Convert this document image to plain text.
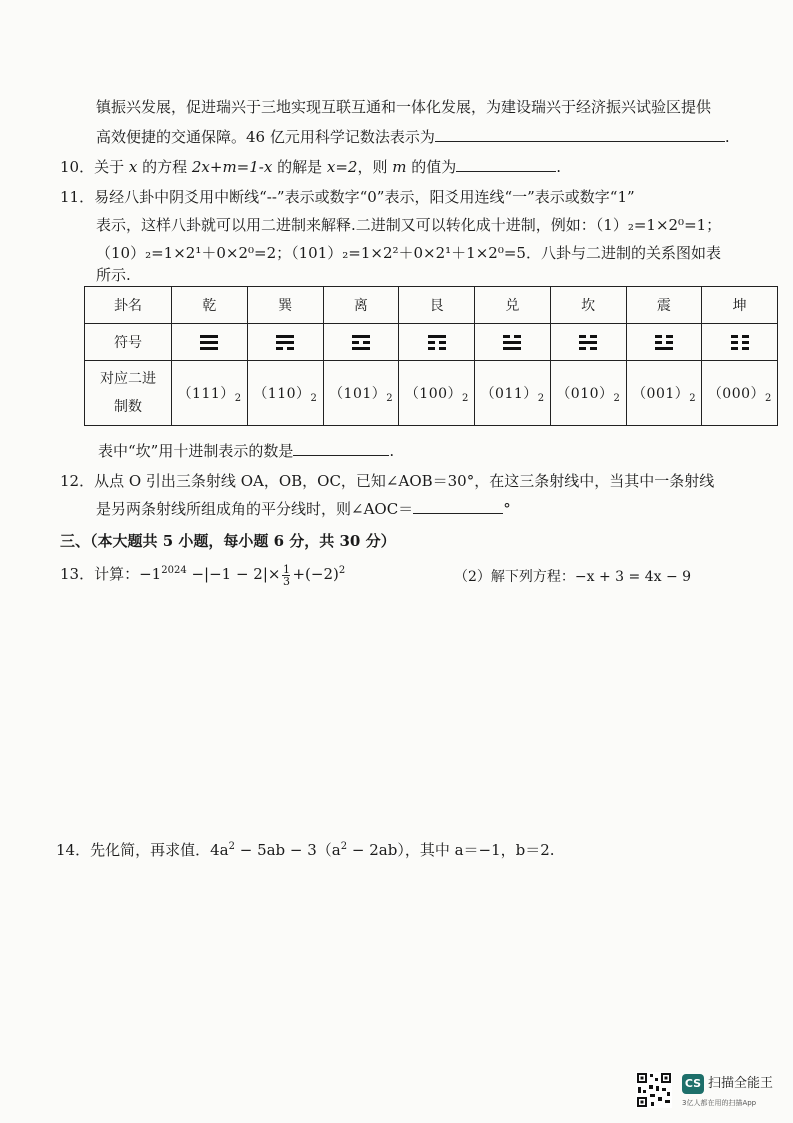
镇振兴发展，促进瑞兴于三地实现互联互通和一体化发展，为建设瑞兴于经济振兴试验区提供
高效便捷的交通保障。46 亿元用科学记数法表示为	.
10．关于 x 的方程 2x+m=1-x 的解是 x=2，则 m 的值为	.
11．易经八卦中阴爻用中断线“--”表示或数字“0”表示，阳爻用连线“一”表示或数字“1”
表示，这样八卦就可以用二进制来解释.二进制又可以转化成十进制，例如：（1）₂=1×2⁰=1；
（10）₂=1×2¹＋0×2⁰=2；（101）₂=1×2²＋0×2¹＋1×2⁰=5．八卦与二进制的关系图如表
所示.
卦名	乾	巽	离	艮	兑	坎	震	坤
符号	

对应二进
制数	$(111)_2$	$(110)_2$	$(101)_2$	$(100)_2$	$(011)_2$	$(010)_2$	$(001)_2$	$(000)_2$
表中“坎”用十进制表示的数是	.
12．从点 O 引出三条射线 OA，OB，OC，已知∠AOB＝30°，在这三条射线中，当其中一条射线
是另两条射线所组成角的平分线时，则∠AOC＝	°
三、（本大题共 5 小题，每小题 6 分，共 30 分）
13．计算：$-1^{2024} -|-1 - 2|\times \frac{1}{3} +(-2)^2$	（2）解下列方程：−x + 3 = 4x − 9
14．先化简，再求值．$4a^2 - 5ab - 3(a^2 - 2ab)$，其中 a＝−1，b＝2.
CS 扫描全能王
3亿人都在用的扫描App
